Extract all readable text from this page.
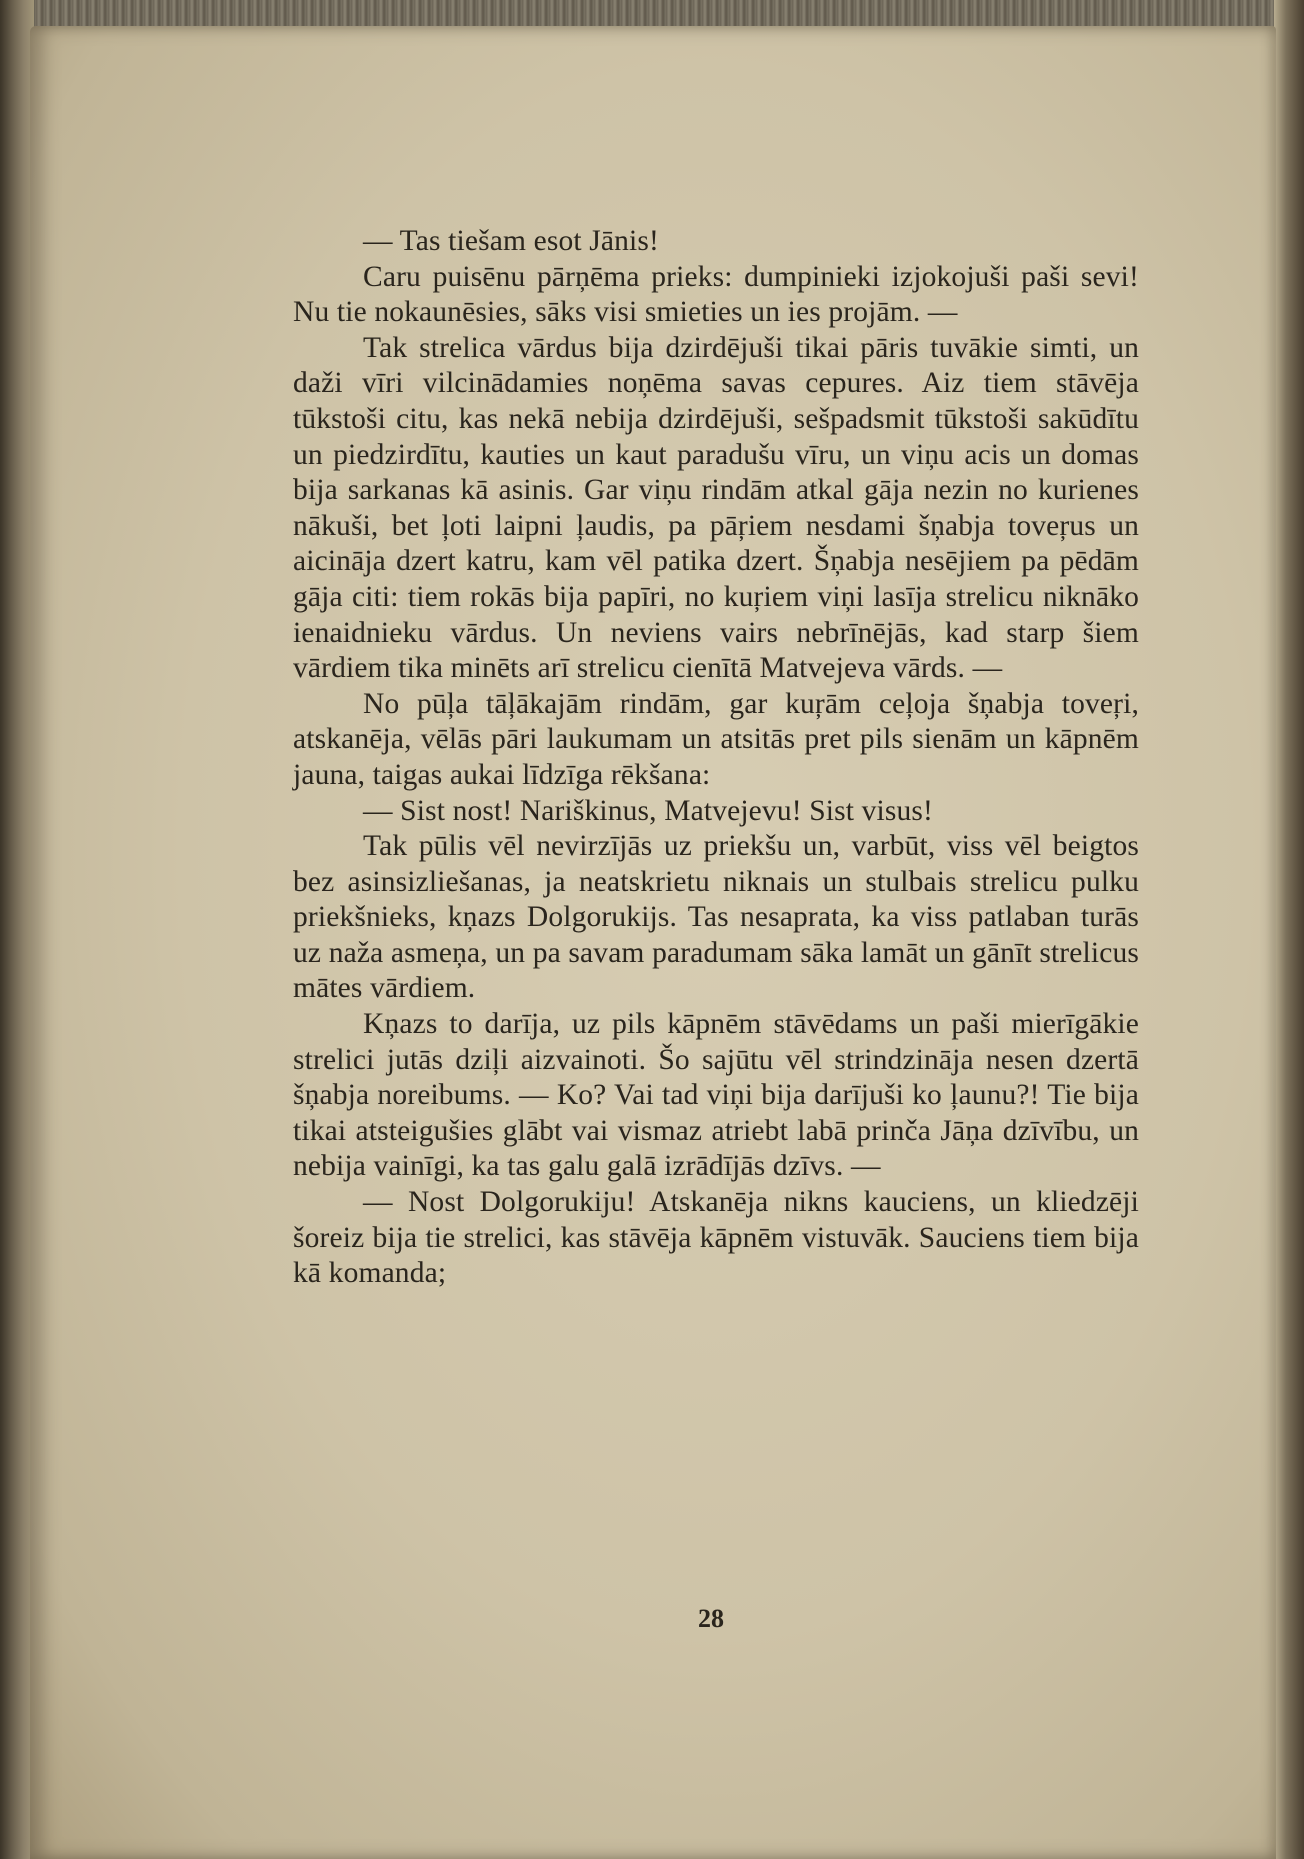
— Tas tiešam esot Jānis!

Caru puisēnu pārņēma prieks: dumpinieki izjokojuši paši sevi! Nu tie nokaunēsies, sāks visi smieties un ies projām. —

Tak strelica vārdus bija dzirdējuši tikai pāris tuvākie simti, un daži vīri vilcinādamies noņēma savas cepures. Aiz tiem stāvēja tūkstoši citu, kas nekā nebija dzirdējuši, sešpadsmit tūkstoši sakūdītu un piedzirdītu, kauties un kaut paradušu vīru, un viņu acis un domas bija sarkanas kā asinis. Gar viņu rindām atkal gāja nezin no kurienes nākuši, bet ļoti laipni ļaudis, pa pāŗiem nesdami šņabja toveŗus un aicināja dzert katru, kam vēl patika dzert. Šņabja nesējiem pa pēdām gāja citi: tiem rokās bija papīri, no kuŗiem viņi lasīja strelicu niknāko ienaidnieku vārdus. Un neviens vairs nebrīnējās, kad starp šiem vārdiem tika minēts arī strelicu cienītā Matvejeva vārds. —

No pūļa tāļākajām rindām, gar kuŗām ceļoja šņabja toveŗi, atskanēja, vēlās pāri laukumam un atsitās pret pils sienām un kāpnēm jauna, taigas aukai līdzīga rēkšana:

— Sist nost! Nariškinus, Matvejevu! Sist visus!

Tak pūlis vēl nevirzījās uz priekšu un, varbūt, viss vēl beigtos bez asinsizliešanas, ja neatskrietu niknais un stulbais strelicu pulku priekšnieks, kņazs Dolgorukijs. Tas nesaprata, ka viss patlaban turās uz naža asmeņa, un pa savam paradumam sāka lamāt un gānīt strelicus mātes vārdiem.

Kņazs to darīja, uz pils kāpnēm stāvēdams un paši mierīgākie strelici jutās dziļi aizvainoti. Šo sajūtu vēl strindzināja nesen dzertā šņabja noreibums. — Ko? Vai tad viņi bija darījuši ko ļaunu?! Tie bija tikai atsteigušies glābt vai vismaz atriebt labā prinča Jāņa dzīvību, un nebija vainīgi, ka tas galu galā izrādījās dzīvs. —

— Nost Dolgorukiju! Atskanēja nikns kauciens, un kliedzēji šoreiz bija tie strelici, kas stāvēja kāpnēm vistuvāk. Sauciens tiem bija kā komanda;

28
